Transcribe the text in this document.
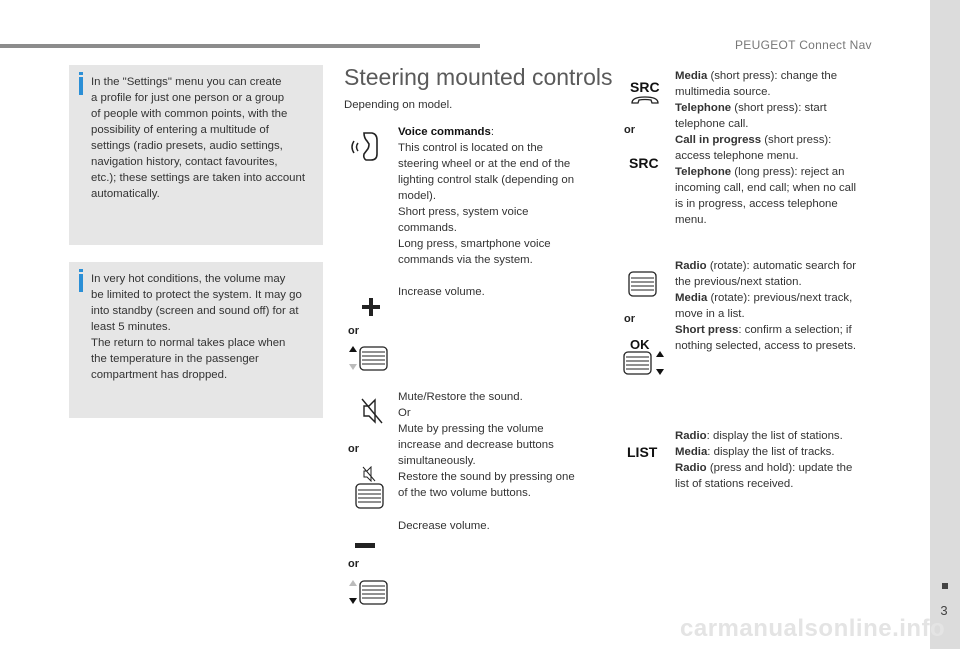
PEUGEOT Connect Nav
3
carmanualsonline.info

In the "Settings" menu you can create
a profile for just one person or a group
of people with common points, with the
possibility of entering a multitude of
settings (radio presets, audio settings,
navigation history, contact favourites,
etc.); these settings are taken into account
automatically.

In very hot conditions, the volume may
be limited to protect the system. It may go
into standby (screen and sound off) for at
least 5 minutes.
The return to normal takes place when
the temperature in the passenger
compartment has dropped.

Steering mounted controls
Depending on model.
Voice commands:
This control is located on the
steering wheel or at the end of the
lighting control stalk (depending on
model).
Short press, system voice
commands.
Long press, smartphone voice
commands via the system.
or
Increase volume.
or
Mute/Restore the sound.
Or
Mute by pressing the volume
increase and decrease buttons
simultaneously.
Restore the sound by pressing one
of the two volume buttons.
or
Decrease volume.
SRC
or
SRC
Media (short press): change the
multimedia source.
Telephone (short press): start
telephone call.
Call in progress (short press):
access telephone menu.
Telephone (long press): reject an
incoming call, end call; when no call
is in progress, access telephone
menu.
or
OK
Radio (rotate): automatic search for
the previous/next station.
Media (rotate): previous/next track,
move in a list.
Short press: confirm a selection; if
nothing selected, access to presets.
LIST
Radio: display the list of stations.
Media: display the list of tracks.
Radio (press and hold): update the
list of stations received.
